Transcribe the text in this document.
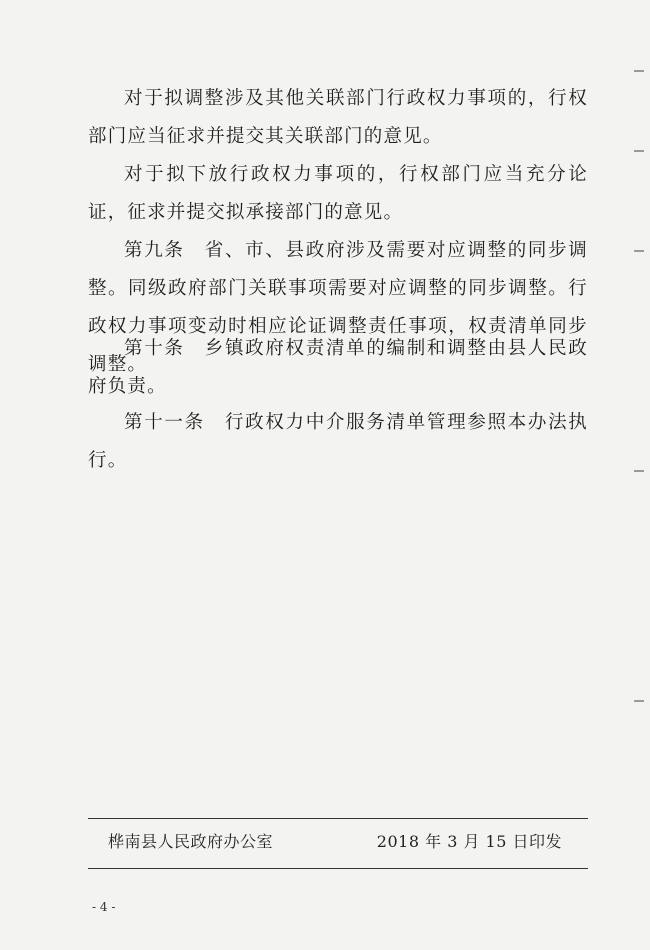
对于拟调整涉及其他关联部门行政权力事项的，行权部门应当征求并提交其关联部门的意见。

对于拟下放行政权力事项的，行权部门应当充分论证，征求并提交拟承接部门的意见。

第九条　省、市、县政府涉及需要对应调整的同步调整。同级政府部门关联事项需要对应调整的同步调整。行政权力事项变动时相应论证调整责任事项，权责清单同步调整。

第十条　乡镇政府权责清单的编制和调整由县人民政府负责。

第十一条　行政权力中介服务清单管理参照本办法执行。

桦南县人民政府办公室	2018 年 3 月 15 日印发
- 4 -
